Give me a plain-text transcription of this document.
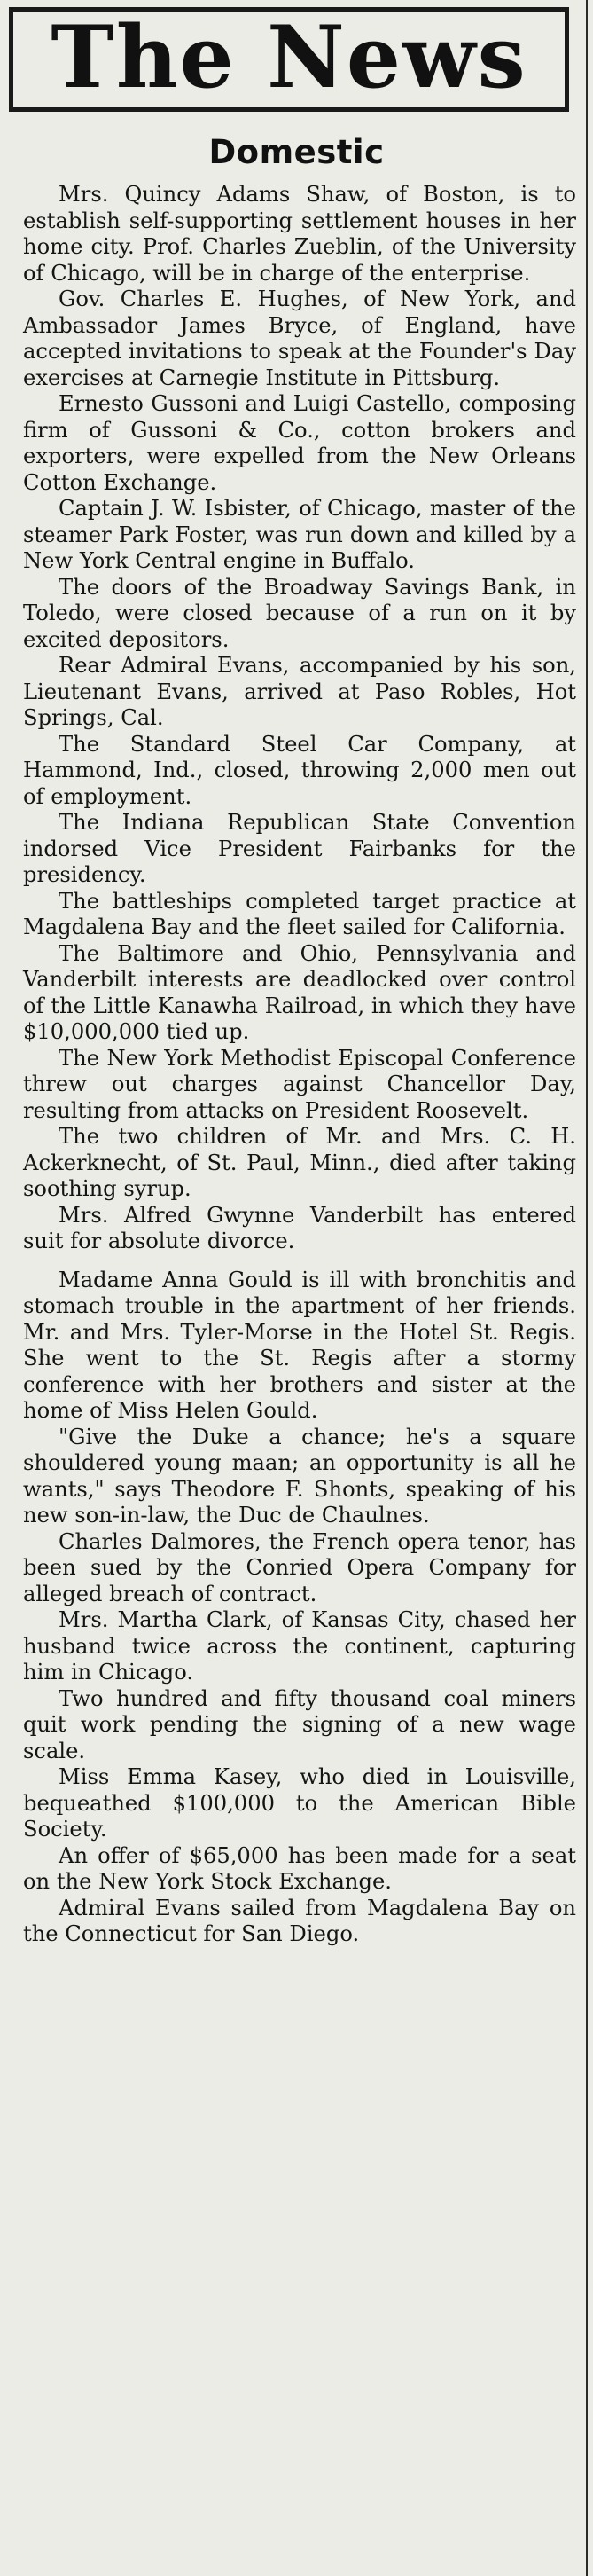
The News
Domestic

Mrs. Quincy Adams Shaw, of Boston, is to establish self-supporting settlement houses in her home city. Prof. Charles Zueblin, of the University of Chicago, will be in charge of the enterprise.

Gov. Charles E. Hughes, of New York, and Ambassador James Bryce, of England, have accepted invitations to speak at the Founder's Day exercises at Carnegie Institute in Pittsburg.

Ernesto Gussoni and Luigi Castello, composing firm of Gussoni & Co., cotton brokers and exporters, were expelled from the New Orleans Cotton Exchange.

Captain J. W. Isbister, of Chicago, master of the steamer Park Foster, was run down and killed by a New York Central engine in Buffalo.

The doors of the Broadway Savings Bank, in Toledo, were closed because of a run on it by excited depositors.

Rear Admiral Evans, accompanied by his son, Lieutenant Evans, arrived at Paso Robles, Hot Springs, Cal.

The Standard Steel Car Company, at Hammond, Ind., closed, throwing 2,000 men out of employment.

The Indiana Republican State Convention indorsed Vice President Fairbanks for the presidency.

The battleships completed target practice at Magdalena Bay and the fleet sailed for California.

The Baltimore and Ohio, Pennsylvania and Vanderbilt interests are deadlocked over control of the Little Kanawha Railroad, in which they have $10,000,000 tied up.

The New York Methodist Episcopal Conference threw out charges against Chancellor Day, resulting from attacks on President Roosevelt.

The two children of Mr. and Mrs. C. H. Ackerknecht, of St. Paul, Minn., died after taking soothing syrup.

Mrs. Alfred Gwynne Vanderbilt has entered suit for absolute divorce.

Madame Anna Gould is ill with bronchitis and stomach trouble in the apartment of her friends. Mr. and Mrs. Tyler-Morse in the Hotel St. Regis. She went to the St. Regis after a stormy conference with her brothers and sister at the home of Miss Helen Gould.

"Give the Duke a chance; he's a square shouldered young maan; an opportunity is all he wants," says Theodore F. Shonts, speaking of his new son-in-law, the Duc de Chaulnes.

Charles Dalmores, the French opera tenor, has been sued by the Conried Opera Company for alleged breach of contract.

Mrs. Martha Clark, of Kansas City, chased her husband twice across the continent, capturing him in Chicago.

Two hundred and fifty thousand coal miners quit work pending the signing of a new wage scale.

Miss Emma Kasey, who died in Louisville, bequeathed $100,000 to the American Bible Society.

An offer of $65,000 has been made for a seat on the New York Stock Exchange.

Admiral Evans sailed from Magdalena Bay on the Connecticut for San Diego.
